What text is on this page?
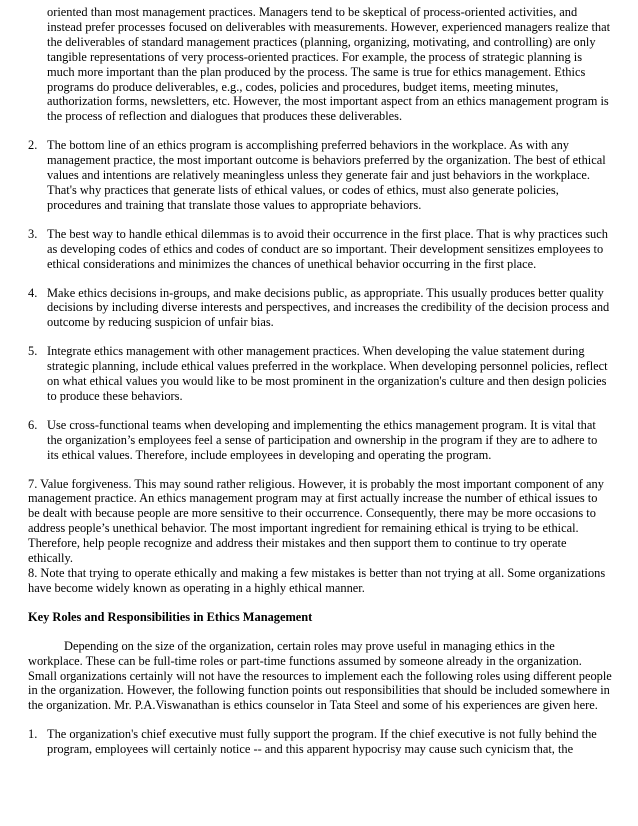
oriented than most management practices. Managers tend to be skeptical of process-oriented activities, and instead prefer processes focused on deliverables with measurements. However, experienced managers realize that the deliverables of standard management practices (planning, organizing, motivating, and controlling) are only tangible representations of very process-oriented practices. For example, the process of strategic planning is much more important than the plan produced by the process. The same is true for ethics management. Ethics programs do produce deliverables, e.g., codes, policies and procedures, budget items, meeting minutes, authorization forms, newsletters, etc. However, the most important aspect from an ethics management program is the process of reflection and dialogues that produces these deliverables.

2. The bottom line of an ethics program is accomplishing preferred behaviors in the workplace. As with any management practice, the most important outcome is behaviors preferred by the organization. The best of ethical values and intentions are relatively meaningless unless they generate fair and just behaviors in the workplace. That's why practices that generate lists of ethical values, or codes of ethics, must also generate policies, procedures and training that translate those values to appropriate behaviors.
3. The best way to handle ethical dilemmas is to avoid their occurrence in the first place. That is why practices such as developing codes of ethics and codes of conduct are so important. Their development sensitizes employees to ethical considerations and minimizes the chances of unethical behavior occurring in the first place.
4. Make ethics decisions in-groups, and make decisions public, as appropriate. This usually produces better quality decisions by including diverse interests and perspectives, and increases the credibility of the decision process and outcome by reducing suspicion of unfair bias.
5. Integrate ethics management with other management practices. When developing the value statement during strategic planning, include ethical values preferred in the workplace. When developing personnel policies, reflect on what ethical values you would like to be most prominent in the organization's culture and then design policies to produce these behaviors.
6. Use cross-functional teams when developing and implementing the ethics management program. It is vital that the organization’s employees feel a sense of participation and ownership in the program if they are to adhere to its ethical values. Therefore, include employees in developing and operating the program.

7. Value forgiveness. This may sound rather religious. However, it is probably the most important component of any management practice. An ethics management program may at first actually increase the number of ethical issues to be dealt with because people are more sensitive to their occurrence. Consequently, there may be more occasions to address people’s unethical behavior. The most important ingredient for remaining ethical is trying to be ethical. Therefore, help people recognize and address their mistakes and then support them to continue to try operate ethically.

8. Note that trying to operate ethically and making a few mistakes is better than not trying at all. Some organizations have become widely known as operating in a highly ethical manner.

Key Roles and Responsibilities in Ethics Management

Depending on the size of the organization, certain roles may prove useful in managing ethics in the workplace. These can be full-time roles or part-time functions assumed by someone already in the organization. Small organizations certainly will not have the resources to implement each the following roles using different people in the organization. However, the following function points out responsibilities that should be included somewhere in the organization. Mr. P.A.Viswanathan is ethics counselor in Tata Steel and some of his experiences are given here.

1. The organization's chief executive must fully support the program. If the chief executive is not fully behind the program, employees will certainly notice -- and this apparent hypocrisy may cause such cynicism that, the
